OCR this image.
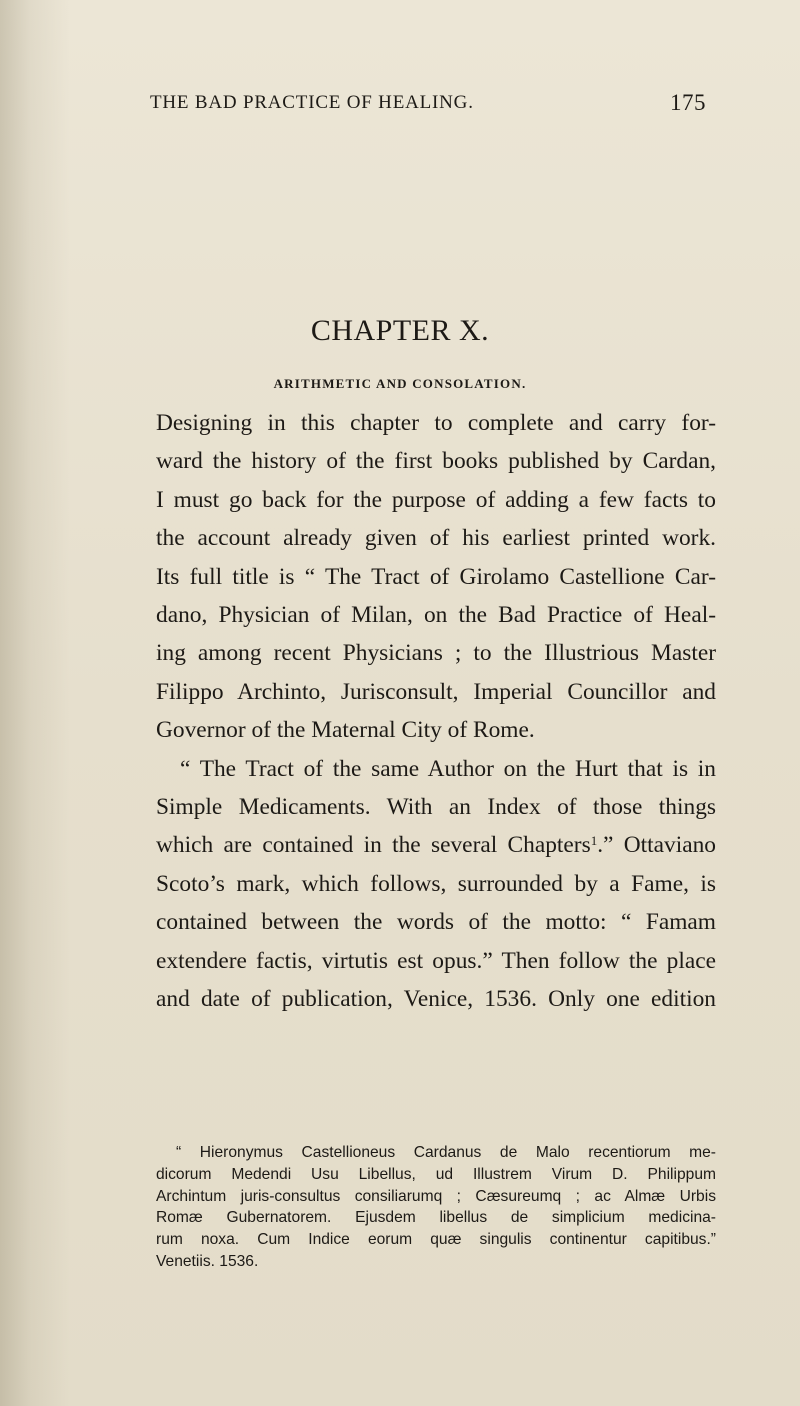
THE BAD PRACTICE OF HEALING.	175
CHAPTER X.
ARITHMETIC AND CONSOLATION.
Designing in this chapter to complete and carry for-
ward the history of the first books published by Cardan,
I must go back for the purpose of adding a few facts to
the account already given of his earliest printed work.
Its full title is “ The Tract of Girolamo Castellione Car-
dano, Physician of Milan, on the Bad Practice of Heal-
ing among recent Physicians ; to the Illustrious Master
Filippo Archinto, Jurisconsult, Imperial Councillor and
Governor of the Maternal City of Rome.
“ The Tract of the same Author on the Hurt that is in
Simple Medicaments. With an Index of those things
which are contained in the several Chapters$^1$.” Ottaviano
Scoto’s mark, which follows, surrounded by a Fame, is
contained between the words of the motto: “ Famam
extendere factis, virtutis est opus.” Then follow the place
and date of publication, Venice, 1536. Only one edition
“ Hieronymus Castellioneus Cardanus de Malo recentiorum me-
dicorum Medendi Usu Libellus, ud Illustrem Virum D. Philippum
Archintum juris-consultus consiliarumq ; Cæsureumq ; ac Almæ Urbis
Romæ Gubernatorem. Ejusdem libellus de simplicium medicina-
rum noxa. Cum Indice eorum quæ singulis continentur capitibus.”
Venetiis. 1536.
